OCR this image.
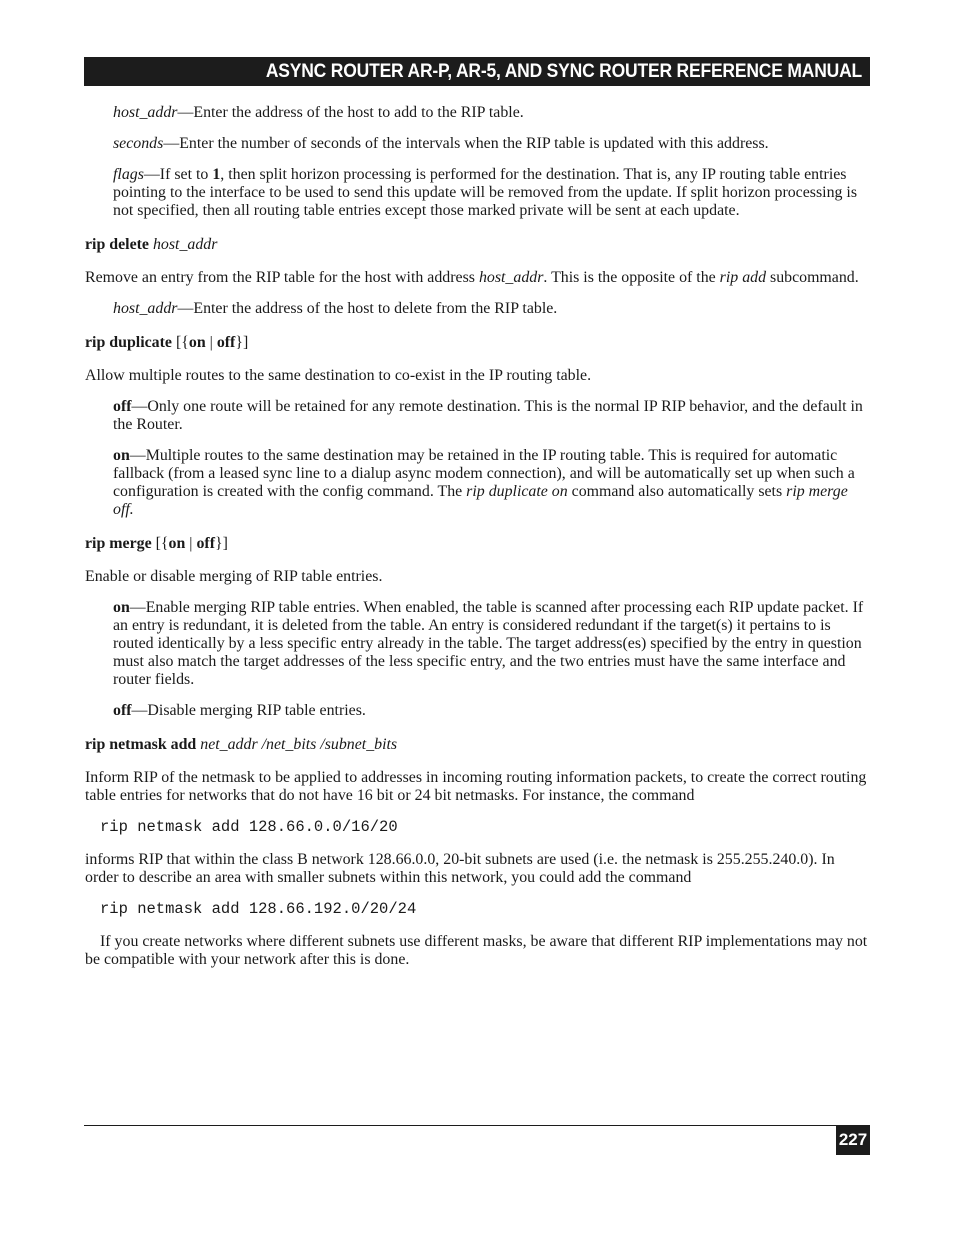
ASYNC ROUTER AR-P, AR-5, AND SYNC ROUTER REFERENCE MANUAL

host_addr—Enter the address of the host to add to the RIP table.

seconds—Enter the number of seconds of the intervals when the RIP table is updated with this address.

flags—If set to 1, then split horizon processing is performed for the destination. That is, any IP routing table entries pointing to the interface to be used to send this update will be removed from the update. If split horizon processing is not specified, then all routing table entries except those marked private will be sent at each update.

rip delete host_addr

Remove an entry from the RIP table for the host with address host_addr. This is the opposite of the rip add subcommand.

host_addr—Enter the address of the host to delete from the RIP table.

rip duplicate [{on | off}]

Allow multiple routes to the same destination to co-exist in the IP routing table.

off—Only one route will be retained for any remote destination. This is the normal IP RIP behavior, and the default in the Router.

on—Multiple routes to the same destination may be retained in the IP routing table. This is required for automatic fallback (from a leased sync line to a dialup async modem connection), and will be automatically set up when such a configuration is created with the config command. The rip duplicate on command also automatically sets rip merge off.

rip merge [{on | off}]

Enable or disable merging of RIP table entries.

on—Enable merging RIP table entries. When enabled, the table is scanned after processing each RIP update packet. If an entry is redundant, it is deleted from the table. An entry is considered redundant if the target(s) it pertains to is routed identically by a less specific entry already in the table. The target address(es) specified by the entry in question must also match the target addresses of the less specific entry, and the two entries must have the same interface and router fields.

off—Disable merging RIP table entries.

rip netmask add net_addr /net_bits /subnet_bits

Inform RIP of the netmask to be applied to addresses in incoming routing information packets, to create the correct routing table entries for networks that do not have 16 bit or 24 bit netmasks. For instance, the command

rip netmask add 128.66.0.0/16/20

informs RIP that within the class B network 128.66.0.0, 20-bit subnets are used (i.e. the netmask is 255.255.240.0). In order to describe an area with smaller subnets within this network, you could add the command

rip netmask add 128.66.192.0/20/24

If you create networks where different subnets use different masks, be aware that different RIP implementations may not be compatible with your network after this is done.

227
